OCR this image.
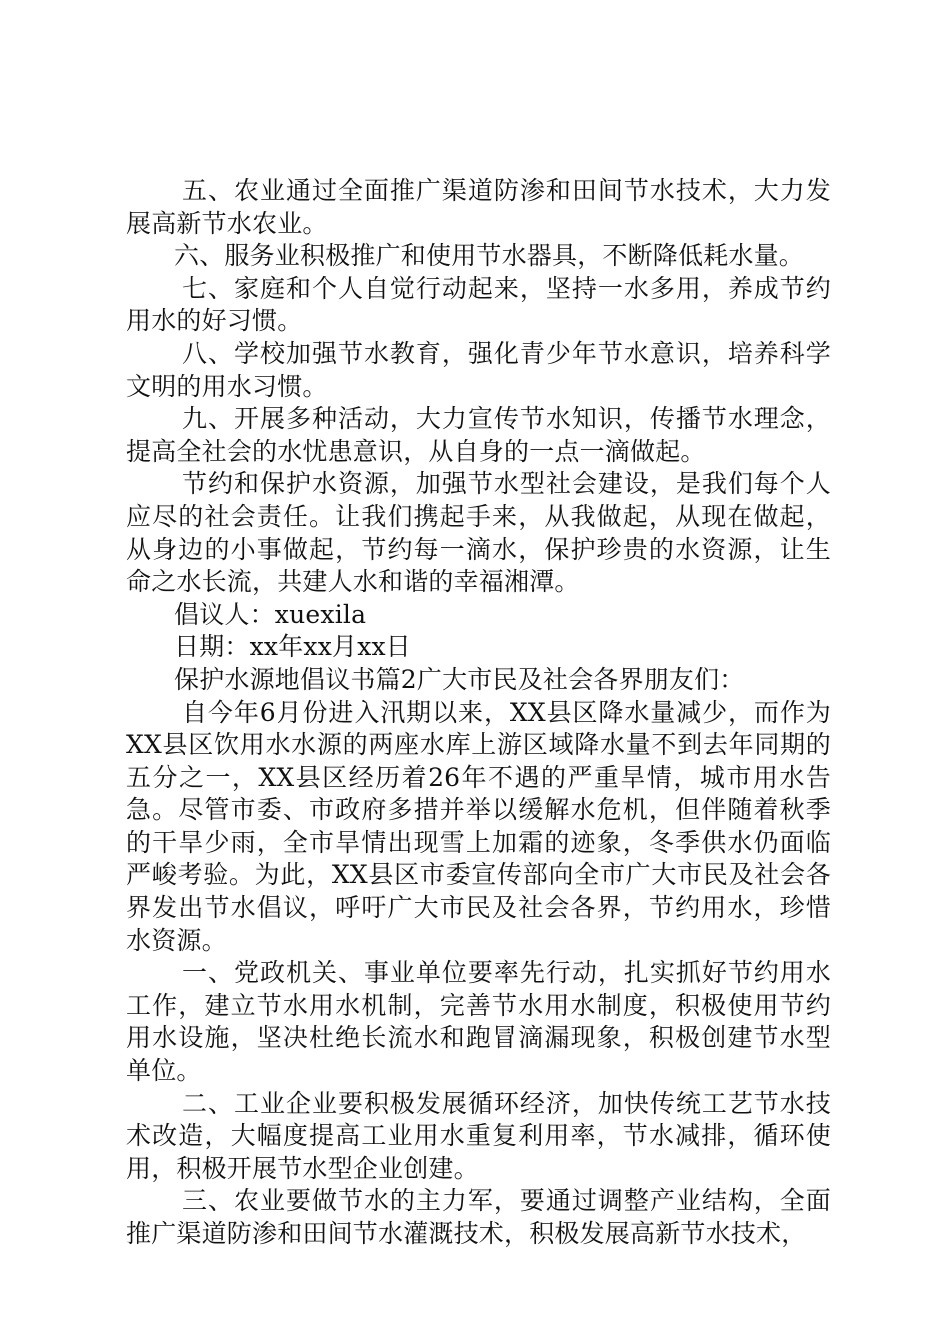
五、农业通过全面推广渠道防渗和田间节水技术，大力发展高新节水农业。

六、服务业积极推广和使用节水器具，不断降低耗水量。

七、家庭和个人自觉行动起来，坚持一水多用，养成节约用水的好习惯。

八、学校加强节水教育，强化青少年节水意识，培养科学文明的用水习惯。

九、开展多种活动，大力宣传节水知识，传播节水理念，提高全社会的水忧患意识，从自身的一点一滴做起。

节约和保护水资源，加强节水型社会建设，是我们每个人应尽的社会责任。让我们携起手来，从我做起，从现在做起，从身边的小事做起，节约每一滴水，保护珍贵的水资源，让生命之水长流，共建人水和谐的幸福湘潭。

倡议人：xuexila

日期：xx年xx月xx日

保护水源地倡议书篇2广大市民及社会各界朋友们：

自今年6月份进入汛期以来，XX县区降水量减少，而作为XX县区饮用水水源的两座水库上游区域降水量不到去年同期的五分之一，XX县区经历着26年不遇的严重旱情，城市用水告急。尽管市委、市政府多措并举以缓解水危机，但伴随着秋季的干旱少雨，全市旱情出现雪上加霜的迹象，冬季供水仍面临严峻考验。为此，XX县区市委宣传部向全市广大市民及社会各界发出节水倡议，呼吁广大市民及社会各界，节约用水，珍惜水资源。

一、党政机关、事业单位要率先行动，扎实抓好节约用水工作，建立节水用水机制，完善节水用水制度，积极使用节约用水设施，坚决杜绝长流水和跑冒滴漏现象，积极创建节水型单位。

二、工业企业要积极发展循环经济，加快传统工艺节水技术改造，大幅度提高工业用水重复利用率，节水减排，循环使用，积极开展节水型企业创建。

三、农业要做节水的主力军，要通过调整产业结构，全面推广渠道防渗和田间节水灌溉技术，积极发展高新节水技术，
